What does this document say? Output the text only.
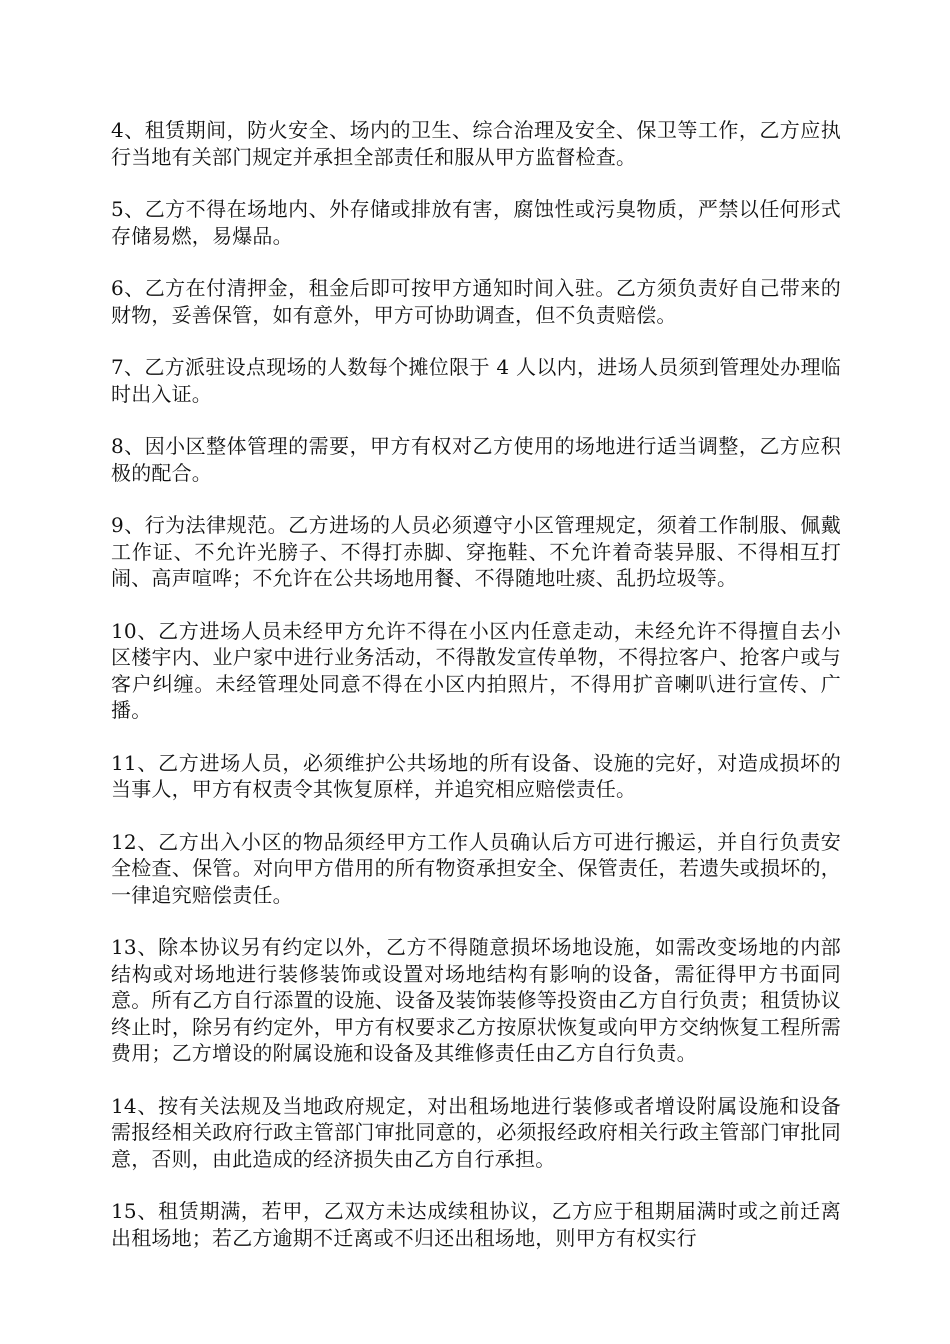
4、租赁期间，防火安全、场内的卫生、综合治理及安全、保卫等工作，乙方应执行当地有关部门规定并承担全部责任和服从甲方监督检查。

5、乙方不得在场地内、外存储或排放有害，腐蚀性或污臭物质，严禁以任何形式存储易燃，易爆品。

6、乙方在付清押金，租金后即可按甲方通知时间入驻。乙方须负责好自己带来的财物，妥善保管，如有意外，甲方可协助调查，但不负责赔偿。

7、乙方派驻设点现场的人数每个摊位限于 4 人以内，进场人员须到管理处办理临时出入证。

8、因小区整体管理的需要，甲方有权对乙方使用的场地进行适当调整，乙方应积极的配合。

9、行为法律规范。乙方进场的人员必须遵守小区管理规定，须着工作制服、佩戴工作证、不允许光膀子、不得打赤脚、穿拖鞋、不允许着奇装异服、不得相互打闹、高声喧哗；不允许在公共场地用餐、不得随地吐痰、乱扔垃圾等。

10、乙方进场人员未经甲方允许不得在小区内任意走动，未经允许不得擅自去小区楼宇内、业户家中进行业务活动，不得散发宣传单物，不得拉客户、抢客户或与客户纠缠。未经管理处同意不得在小区内拍照片，不得用扩音喇叭进行宣传、广播。

11、乙方进场人员，必须维护公共场地的所有设备、设施的完好，对造成损坏的当事人，甲方有权责令其恢复原样，并追究相应赔偿责任。

12、乙方出入小区的物品须经甲方工作人员确认后方可进行搬运，并自行负责安全检查、保管。对向甲方借用的所有物资承担安全、保管责任，若遗失或损坏的，一律追究赔偿责任。

13、除本协议另有约定以外，乙方不得随意损坏场地设施，如需改变场地的内部结构或对场地进行装修装饰或设置对场地结构有影响的设备，需征得甲方书面同意。所有乙方自行添置的设施、设备及装饰装修等投资由乙方自行负责；租赁协议终止时，除另有约定外，甲方有权要求乙方按原状恢复或向甲方交纳恢复工程所需费用；乙方增设的附属设施和设备及其维修责任由乙方自行负责。

14、按有关法规及当地政府规定，对出租场地进行装修或者增设附属设施和设备需报经相关政府行政主管部门审批同意的，必须报经政府相关行政主管部门审批同意，否则，由此造成的经济损失由乙方自行承担。

15、租赁期满，若甲，乙双方未达成续租协议，乙方应于租期届满时或之前迁离出租场地；若乙方逾期不迁离或不归还出租场地，则甲方有权实行
